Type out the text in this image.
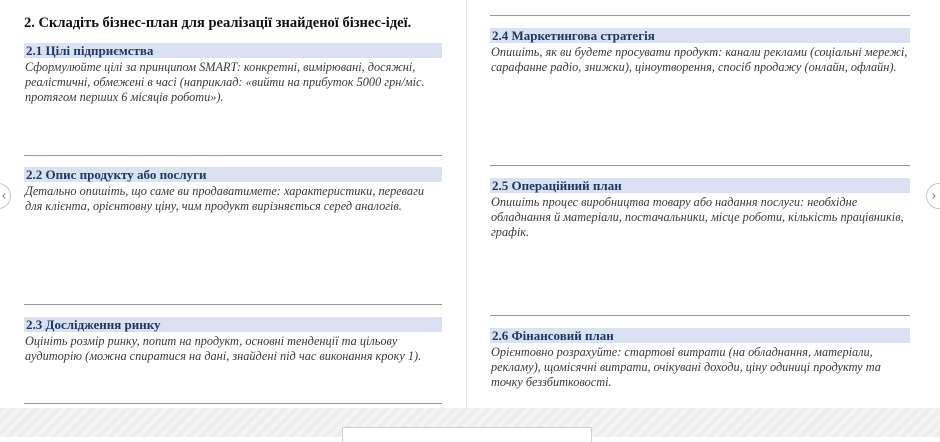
2. Складіть бізнес-план для реалізації знайденої бізнес-ідеї.
2.1 Цілі підприємства

Сформулюйте цілі за принципом SMART: конкретні, вимірювані, досяжні, реалістичні, обмежені в часі (наприклад: «вийти на прибуток 5000 грн/міс. протягом перших 6 місяців роботи»).

2.2 Опис продукту або послуги

Детально опишіть, що саме ви продаватимете: характеристики, переваги для клієнта, орієнтовну ціну, чим продукт вирізняється серед аналогів.

2.3 Дослідження ринку

Оцініть розмір ринку, попит на продукт, основні тенденції та цільову аудиторію (можна спиратися на дані, знайдені під час виконання кроку 1).

2.4 Маркетингова стратегія

Опишіть, як ви будете просувати продукт: канали реклами (соціальні мережі, сарафанне радіо, знижки), ціноутворення, спосіб продажу (онлайн, офлайн).

2.5 Операційний план

Опишіть процес виробництва товару або надання послуги: необхідне обладнання й матеріали, постачальники, місце роботи, кількість працівників, графік.

2.6 Фінансовий план

Орієнтовно розрахуйте: стартові витрати (на обладнання, матеріали, рекламу), щомісячні витрати, очікувані доходи, ціну одиниці продукту та точку беззбитковості.

‹	›
